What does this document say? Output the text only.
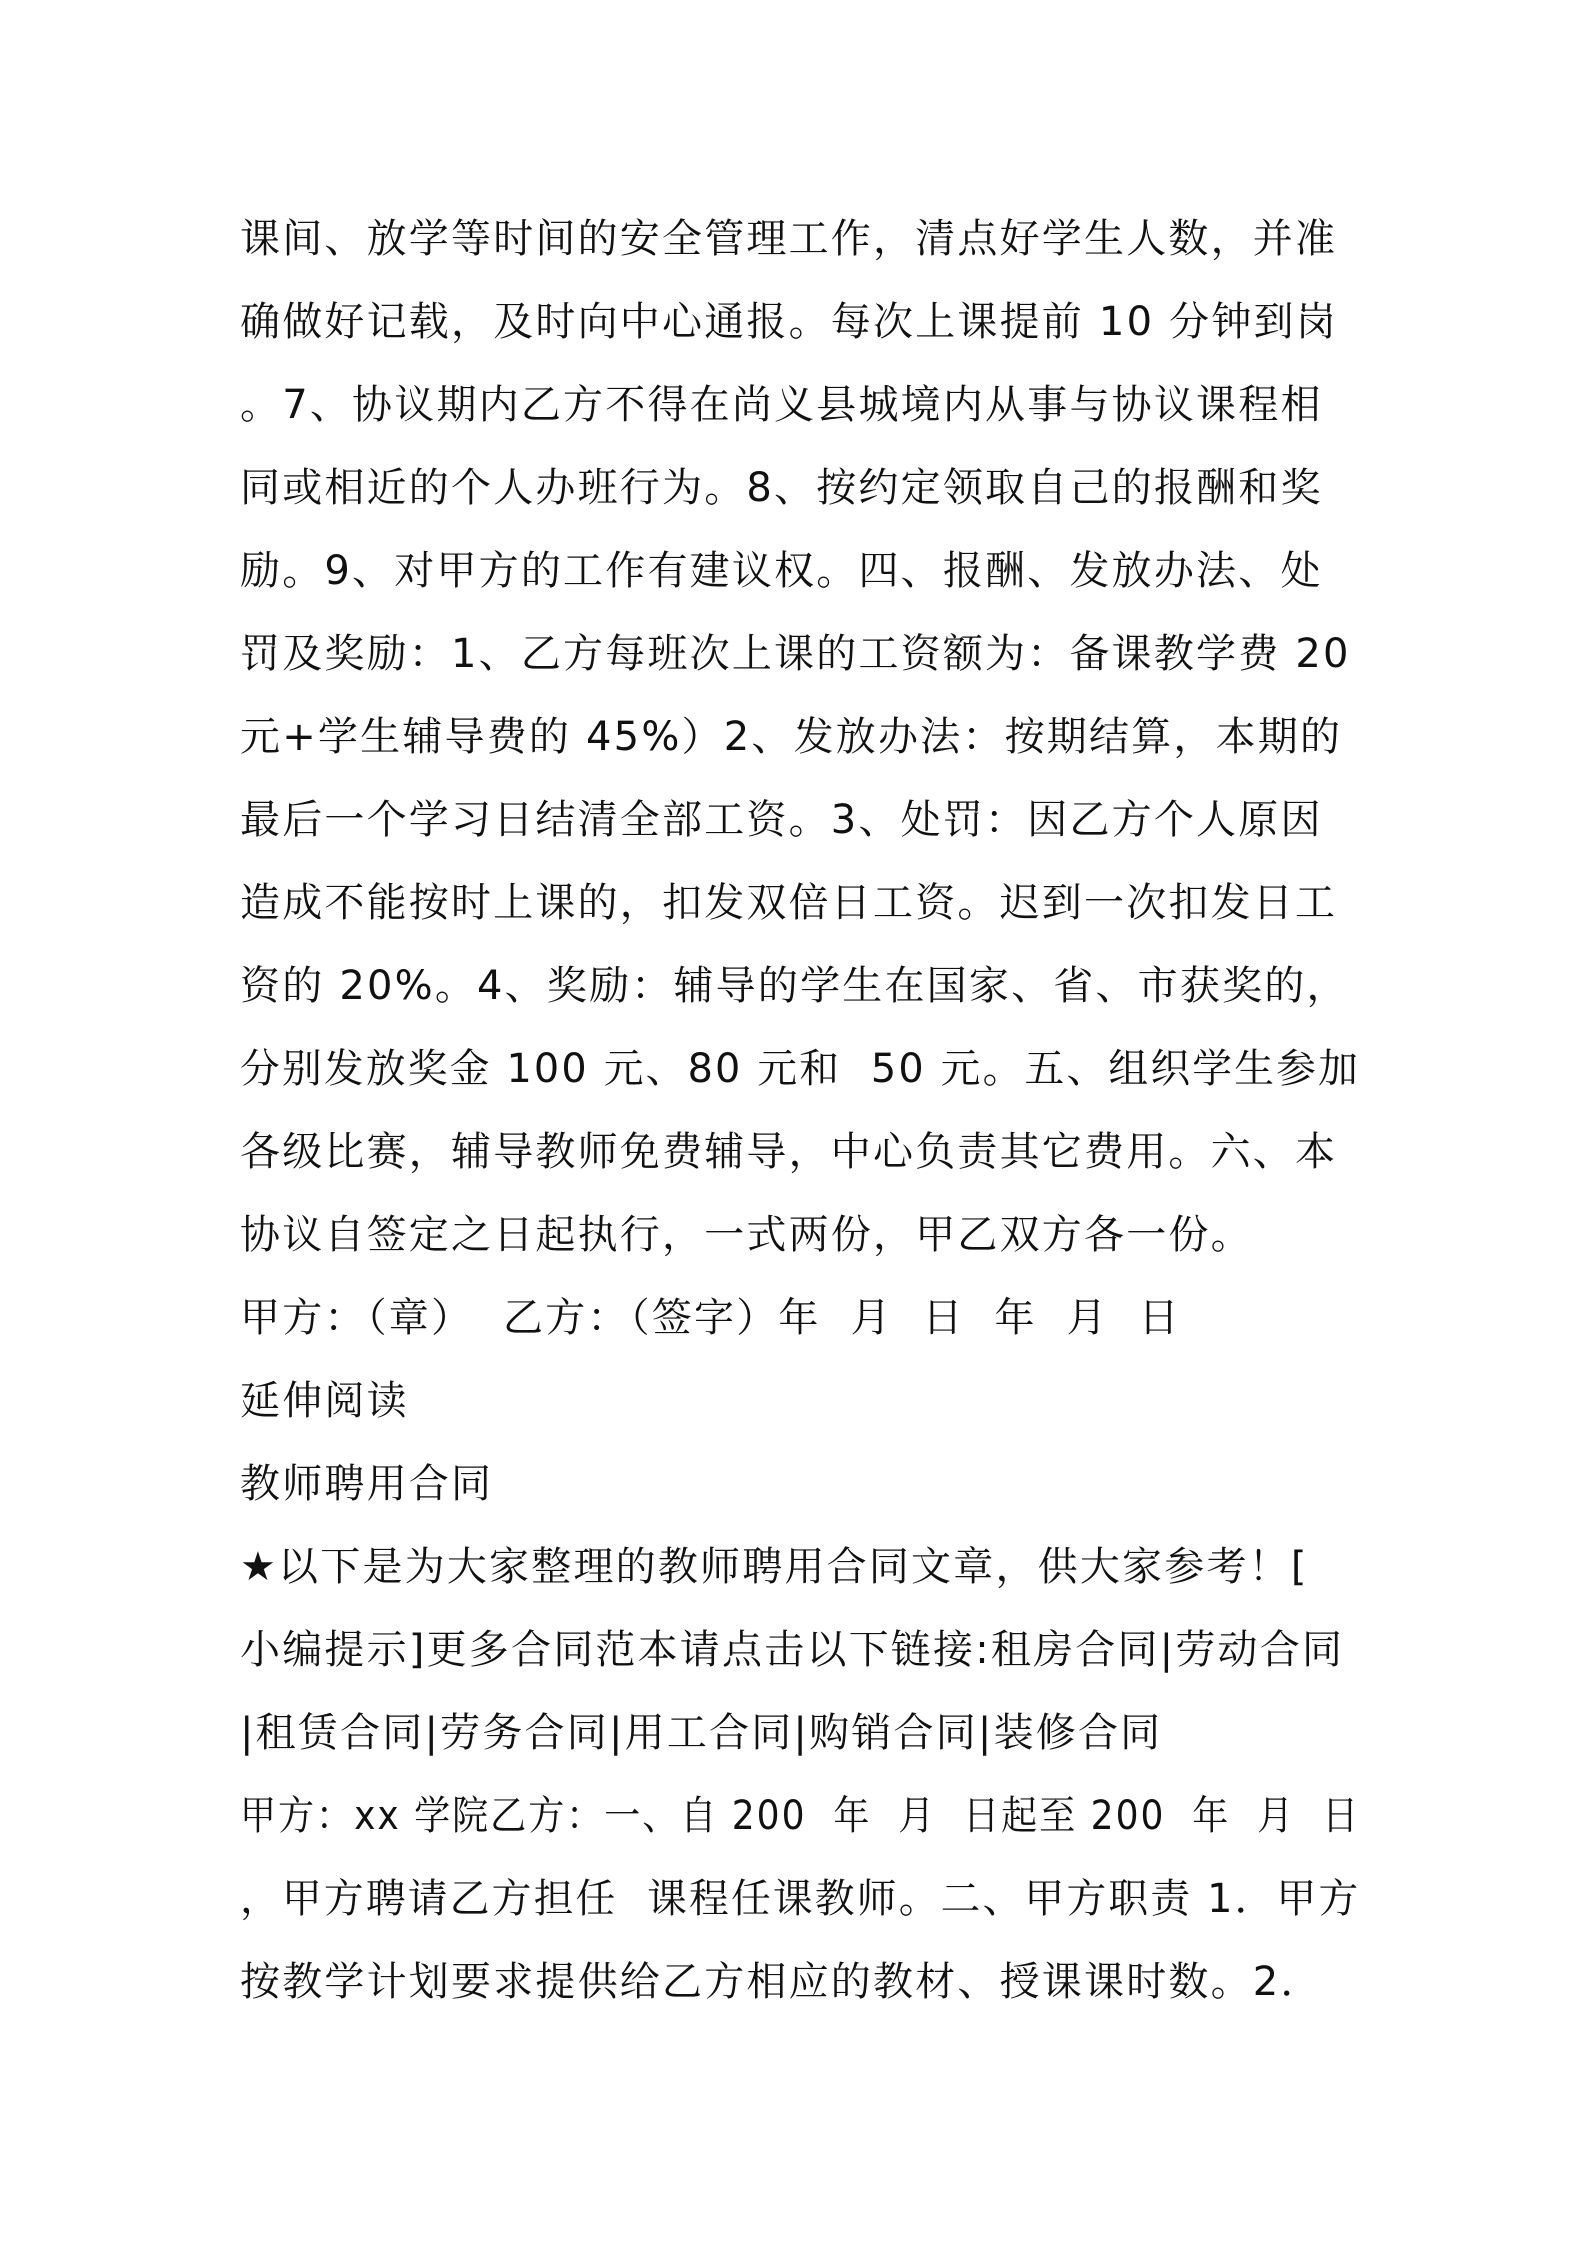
课间、放学等时间的安全管理工作，清点好学生人数，并准
确做好记载，及时向中心通报。每次上课提前 10 分钟到岗
。7、协议期内乙方不得在尚义县城境内从事与协议课程相
同或相近的个人办班行为。8、按约定领取自己的报酬和奖
励。9、对甲方的工作有建议权。四、报酬、发放办法、处
罚及奖励：1、乙方每班次上课的工资额为：备课教学费 20
元+学生辅导费的 45%）2、发放办法：按期结算，本期的
最后一个学习日结清全部工资。3、处罚：因乙方个人原因
造成不能按时上课的，扣发双倍日工资。迟到一次扣发日工
资的 20%。4、奖励：辅导的学生在国家、省、市获奖的，
分别发放奖金 100 元、80 元和  50 元。五、组织学生参加
各级比赛，辅导教师免费辅导，中心负责其它费用。六、本
协议自签定之日起执行，一式两份，甲乙双方各一份。
甲方：（章）  乙方：（签字）年  月  日  年  月  日
延伸阅读
教师聘用合同
★以下是为大家整理的教师聘用合同文章，供大家参考！[
小编提示]更多合同范本请点击以下链接:租房合同|劳动合同
|租赁合同|劳务合同|用工合同|购销合同|装修合同
甲方：xx 学院乙方：一、自 200  年  月  日起至 200  年  月  日
，甲方聘请乙方担任  课程任课教师。二、甲方职责 1．甲方
按教学计划要求提供给乙方相应的教材、授课课时数。2．
